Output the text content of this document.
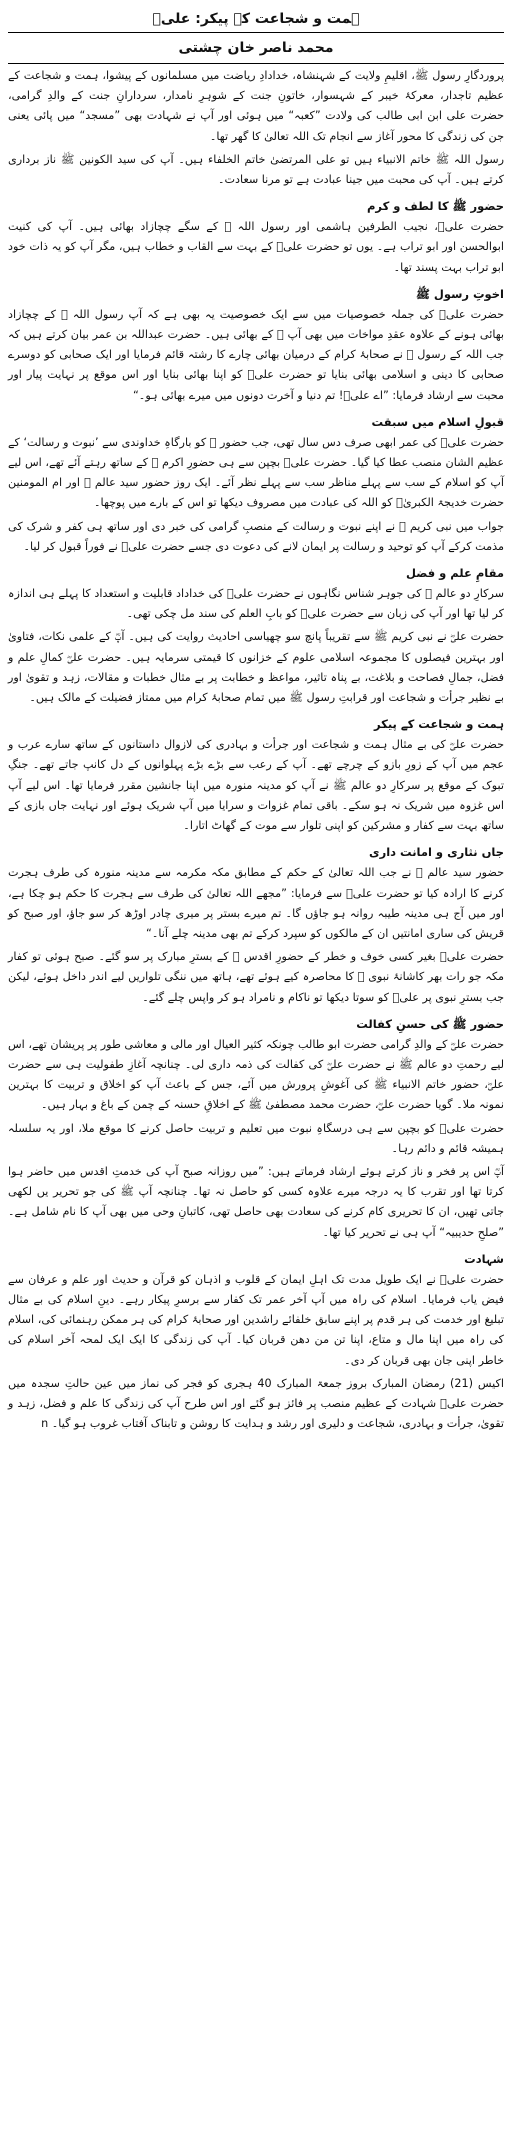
ہمت و شجاعت کے پیکر: علیؓ
محمد ناصر خان چشتی
پروردگارِ رسول ﷺ، اقلیمِ ولایت کے شہنشاہ، خدادادِ ریاضت میں مسلمانوں کے پیشوا، ہمت و شجاعت کے عظیم تاجدار، معرکۂ خیبر کے شہسوار، خاتونِ جنت کے شوہرِ نامدار، سردارانِ جنت کے والدِ گرامی، حضرت علی ابن ابی طالب کی ولادت ”کعبہ“ میں ہوئی اور آپ نے شہادت بھی ”مسجد“ میں پائی یعنی جن کی زندگی کا محور آغاز سے انجام تک اللہ تعالیٰ کا گھر تھا۔
رسول اللہ ﷺ خاتم الانبیاء ہیں تو علی المرتضیٰ خاتم الخلفاء ہیں۔ آپ کی سید الکونین ﷺ ناز برداری کرتے ہیں۔ آپ کی محبت میں جینا عبادت ہے تو مرنا سعادت۔
حضور ﷺ کا لطف و کرم
حضرت علیؓ، نجیب الطرفین ہاشمی اور رسول اللہ ﷺ کے سگے چچازاد بھائی ہیں۔ آپ کی کنیت ابوالحسن اور ابو تراب ہے۔ یوں تو حضرت علیؓ کے بہت سے القاب و خطاب ہیں، مگر آپ کو یہ ذات خود ابو تراب بہت پسند تھا۔
اخوتِ رسول ﷺ
حضرت علیؓ کی جملہ خصوصیات میں سے ایک خصوصیت یہ بھی ہے کہ آپ رسول اللہ ﷺ کے چچازاد بھائی ہونے کے علاوہ عقدِ مواخات میں بھی آپ ﷺ کے بھائی ہیں۔ حضرت عبداللہ بن عمر بیان کرتے ہیں کہ جب اللہ کے رسول ﷺ نے صحابۂ کرام کے درمیان بھائی چارے کا رشتہ قائم فرمایا اور ایک صحابی کو دوسرے صحابی کا دینی و اسلامی بھائی بنایا تو حضرت علیؓ کو اپنا بھائی بنایا اور اس موقع پر نہایت پیار اور محبت سے ارشاد فرمایا: ”اے علیؓ! تم دنیا و آخرت دونوں میں میرے بھائی ہو۔“
قبولِ اسلام میں سبقت
حضرت علیؓ کی عمر ابھی صرف دس سال تھی، جب حضور ﷺ کو بارگاہِ خداوندی سے ’نبوت و رسالت‘ کے عظیم الشان منصب عطا کیا گیا۔ حضرت علیؓ بچپن سے ہی حضورِ اکرم ﷺ کے ساتھ رہتے آئے تھے، اس لیے آپ کو اسلام کے سب سے پہلے مناظر سب سے پہلے نظر آئے۔ ایک روز حضور سید عالم ﷺ اور ام المومنین حضرت خدیجۃ الکبریٰؓ کو اللہ کی عبادت میں مصروف دیکھا تو اس کے بارے میں پوچھا۔
جواب میں نبی کریم ﷺ نے اپنے نبوت و رسالت کے منصبِ گرامی کی خبر دی اور ساتھ ہی کفر و شرک کی مذمت کرکے آپ کو توحید و رسالت پر ایمان لانے کی دعوت دی جسے حضرت علیؓ نے فوراً قبول کر لیا۔
مقامِ علم و فضل
سرکارِ دو عالم ﷺ کی جوہر شناس نگاہوں نے حضرت علیؓ کی خداداد قابلیت و استعداد کا پہلے ہی اندازہ کر لیا تھا اور آپ کی زبان سے حضرت علیؓ کو بابِ العلم کی سند مل چکی تھی۔
حضرت علیؓ نے نبی کریم ﷺ سے تقریباً پانچ سو چھیاسی احادیث روایت کی ہیں۔ آپؓ کے علمی نکات، فتاویٰ اور بہترین فیصلوں کا مجموعہ اسلامی علوم کے خزانوں کا قیمتی سرمایہ ہیں۔ حضرت علیؓ کمالِ علم و فضل، جمالِ فصاحت و بلاغت، بے پناہ تاثیر، مواعظ و خطابت پر بے مثال خطبات و مقالات، زہد و تقویٰ اور بے نظیر جرأت و شجاعت اور قرابتِ رسول ﷺ میں تمام صحابۂ کرام میں ممتاز فضیلت کے مالک ہیں۔
ہمت و شجاعت کے پیکر
حضرت علیؓ کی بے مثال ہمت و شجاعت اور جرأت و بہادری کی لازوال داستانوں کے ساتھ سارے عرب و عجم میں آپ کے زورِ بازو کے چرچے تھے۔ آپ کے رعب سے بڑے بڑے پہلوانوں کے دل کانپ جاتے تھے۔ جنگِ تبوک کے موقع پر سرکارِ دو عالم ﷺ نے آپ کو مدینہ منورہ میں اپنا جانشین مقرر فرمایا تھا۔ اس لیے آپ اس غزوہ میں شریک نہ ہو سکے۔ باقی تمام غزوات و سرایا میں آپ شریک ہوئے اور نہایت جاں بازی کے ساتھ بہت سے کفار و مشرکین کو اپنی تلوار سے موت کے گھاٹ اتارا۔
جاں نثاری و امانت داری
حضور سید عالم ﷺ نے جب اللہ تعالیٰ کے حکم کے مطابق مکہ مکرمہ سے مدینہ منورہ کی طرف ہجرت کرنے کا ارادہ کیا تو حضرت علیؓ سے فرمایا: ”مجھے اللہ تعالیٰ کی طرف سے ہجرت کا حکم ہو چکا ہے، اور میں آج ہی مدینہ طیبہ روانہ ہو جاؤں گا۔ تم میرے بستر پر میری چادر اوڑھ کر سو جاؤ، اور صبح کو قریش کی ساری امانتیں ان کے مالکوں کو سپرد کرکے تم بھی مدینہ چلے آنا۔“
حضرت علیؓ بغیر کسی خوف و خطر کے حضورِ اقدس ﷺ کے بسترِ مبارک پر سو گئے۔ صبح ہوئی تو کفار مکہ جو رات بھر کاشانۂ نبوی ﷺ کا محاصرہ کیے ہوئے تھے، ہاتھ میں ننگی تلواریں لیے اندر داخل ہوئے، لیکن جب بسترِ نبوی پر علیؓ کو سوتا دیکھا تو ناکام و نامراد ہو کر واپس چلے گئے۔
حضور ﷺ کی حسنِ کفالت
حضرت علیؓ کے والدِ گرامی حضرت ابو طالب چونکہ کثیر العیال اور مالی و معاشی طور پر پریشان تھے، اس لیے رحمتِ دو عالم ﷺ نے حضرت علیؓ کی کفالت کی ذمہ داری لی۔ چنانچہ آغازِ طفولیت ہی سے حضرت علیؓ، حضور خاتم الانبیاء ﷺ کی آغوشِ پرورش میں آئے، جس کے باعث آپ کو اخلاق و تربیت کا بہترین نمونہ ملا۔ گویا حضرت علیؓ، حضرت محمد مصطفیٰ ﷺ کے اخلاقِ حسنہ کے چمن کے باغ و بہار ہیں۔
حضرت علیؓ کو بچپن سے ہی درسگاہِ نبوت میں تعلیم و تربیت حاصل کرنے کا موقع ملا، اور یہ سلسلہ ہمیشہ قائم و دائم رہا۔
آپؓ اس پر فخر و ناز کرتے ہوئے ارشاد فرماتے ہیں: ”میں روزانہ صبح آپ کی خدمتِ اقدس میں حاضر ہوا کرتا تھا اور تقرب کا یہ درجہ میرے علاوہ کسی کو حاصل نہ تھا۔ چنانچہ آپ ﷺ کی جو تحریر یں لکھی جاتی تھیں، ان کا تحریری کام کرنے کی سعادت بھی حاصل تھی، کاتبانِ وحی میں بھی آپ کا نام شامل ہے۔ ”صلحِ حدیبیہ“ آپ ہی نے تحریر کیا تھا۔
شہادت
حضرت علیؓ نے ایک طویل مدت تک اہلِ ایمان کے قلوب و اذہان کو قرآن و حدیث اور علم و عرفان سے فیض یاب فرمایا۔ اسلام کی راہ میں آپ آخر عمر تک کفار سے برسرِ پیکار رہے۔ دینِ اسلام کی بے مثال تبلیغ اور خدمت کی ہر قدم پر اپنے سابق خلفائے راشدین اور صحابۂ کرام کی ہر ممکن رہنمائی کی، اسلام کی راہ میں اپنا مال و متاع، اپنا تن من دھن قربان کیا۔ آپ کی زندگی کا ایک ایک لمحہ آخر اسلام کی خاطر اپنی جان بھی قربان کر دی۔
اکیس (21) رمضان المبارک بروز جمعۃ المبارک 40 ہجری کو فجر کی نماز میں عین حالتِ سجدہ میں حضرت علیؓ شہادت کے عظیم منصب پر فائز ہو گئے اور اس طرح آپ کی زندگی کا علم و فضل، زہد و تقویٰ، جرأت و بہادری، شجاعت و دلیری اور رشد و ہدایت کا روشن و تابناک آفتاب غروب ہو گیا۔ n
